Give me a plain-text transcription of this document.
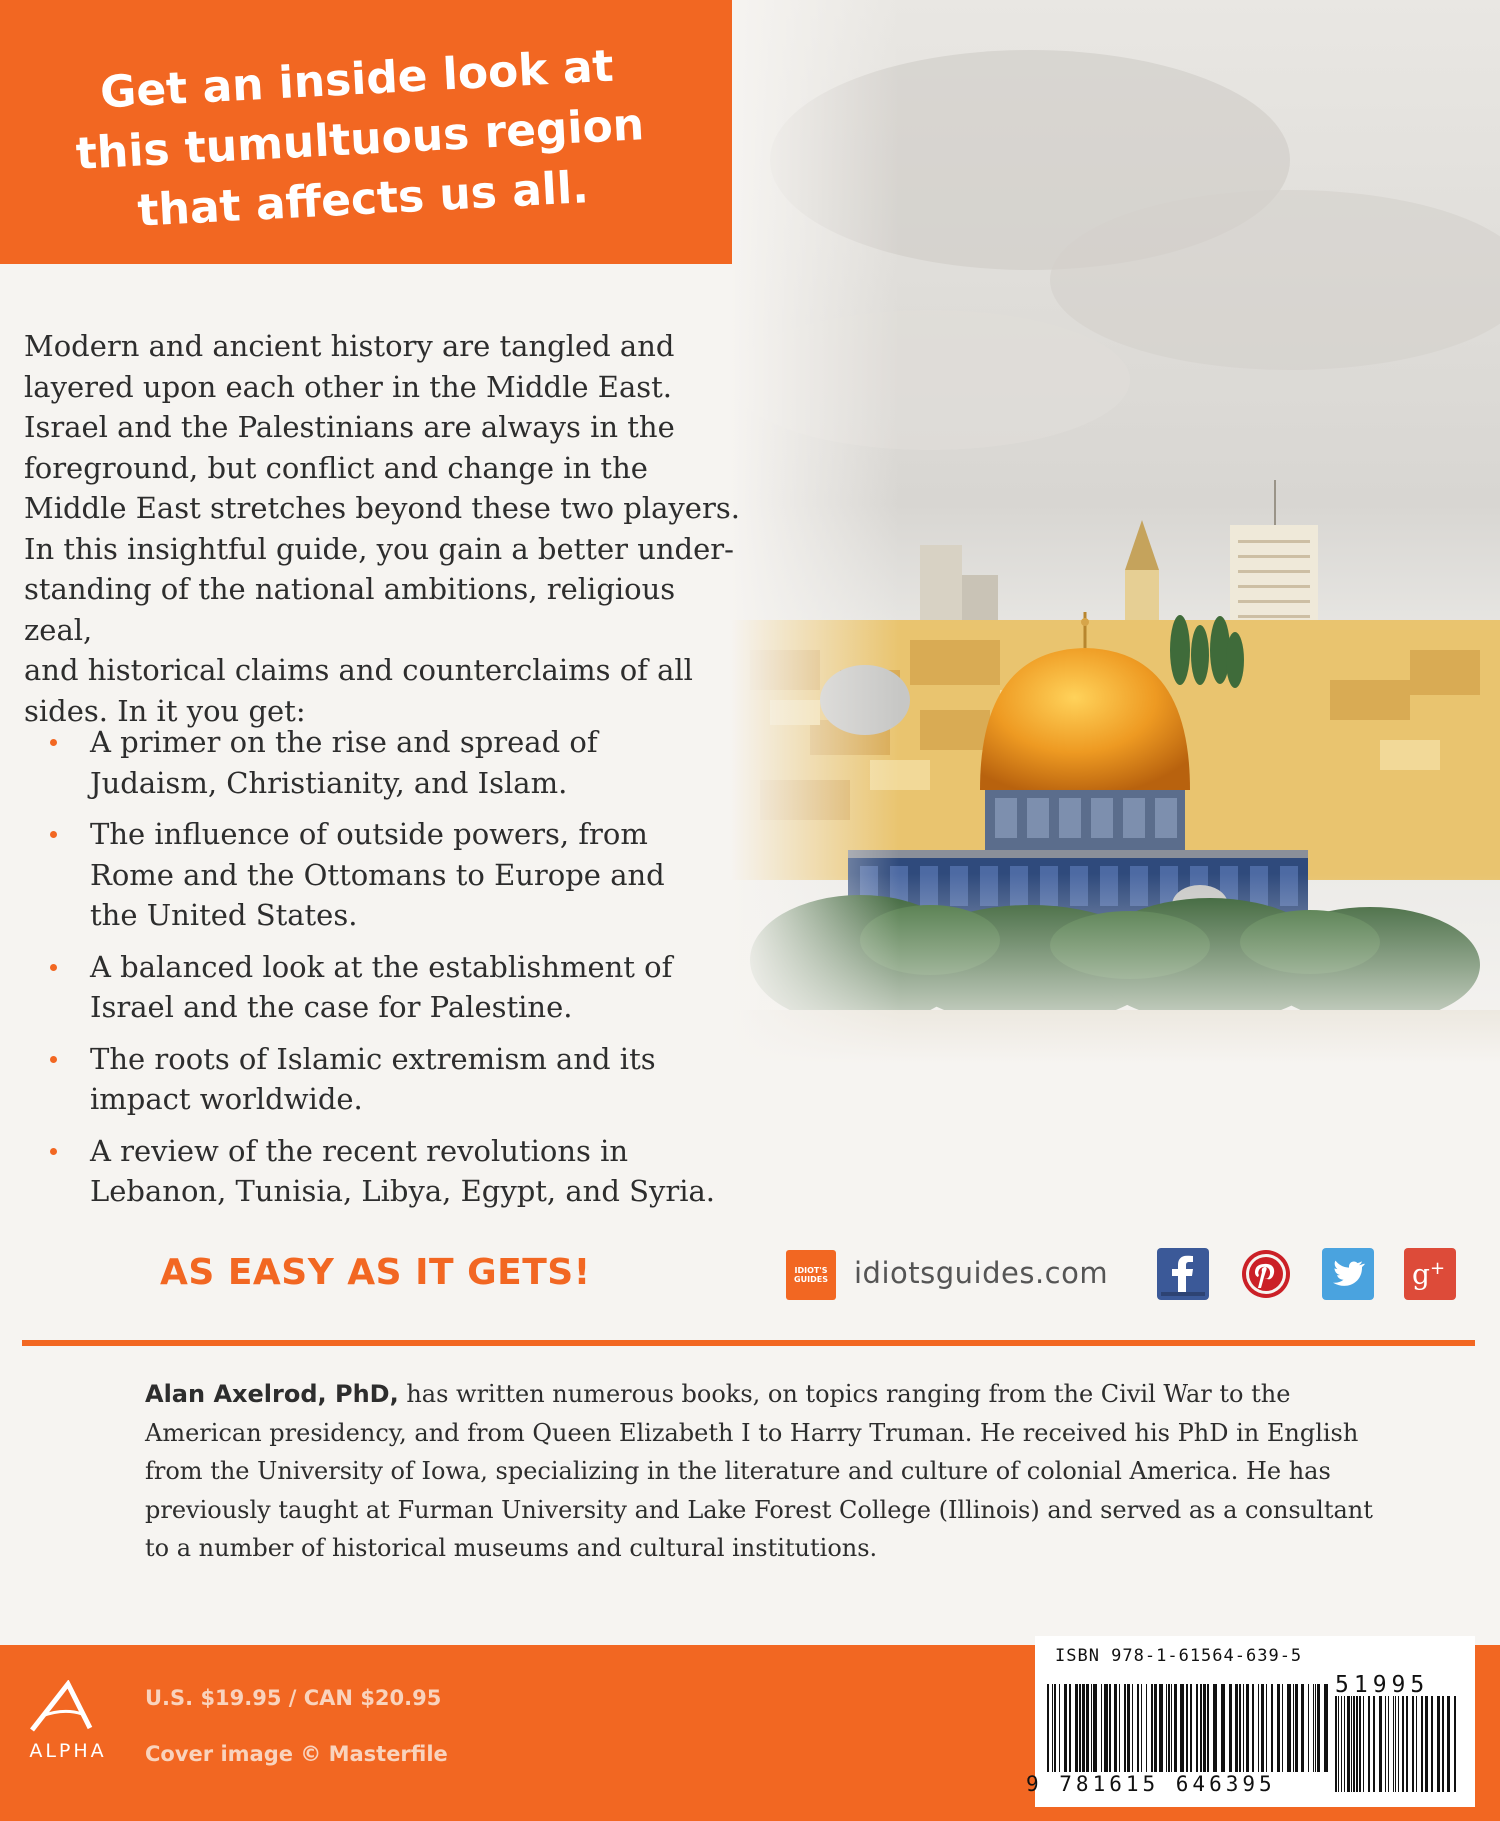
Get an inside look at
this tumultuous region
that affects us all.

Modern and ancient history are tangled and
layered upon each other in the Middle East.
Israel and the Palestinians are always in the
foreground, but conflict and change in the
Middle East stretches beyond these two players.
In this insightful guide, you gain a better under-
standing of the national ambitions, religious zeal,
and historical claims and counterclaims of all
sides. In it you get:

A primer on the rise and spread of
Judaism, Christianity, and Islam.
The influence of outside powers, from
Rome and the Ottomans to Europe and
the United States.
A balanced look at the establishment of
Israel and the case for Palestine.
The roots of Islamic extremism and its
impact worldwide.
A review of the recent revolutions in
Lebanon, Tunisia, Libya, Egypt, and Syria.
AS EASY AS IT GETS!	IDIOT'S GUIDES idiotsguides.com	g +

Alan Axelrod, PhD, has written numerous books, on topics ranging from the Civil War to the
American presidency, and from Queen Elizabeth I to Harry Truman. He received his PhD in English
from the University of Iowa, specializing in the literature and culture of colonial America. He has
previously taught at Furman University and Lake Forest College (Illinois) and served as a consultant
to a number of historical museums and cultural institutions.

ALPHA
U.S. $19.95 / CAN $20.95
Cover image © Masterfile
ISBN 978-1-61564-639-5
51995
9 781615 646395
